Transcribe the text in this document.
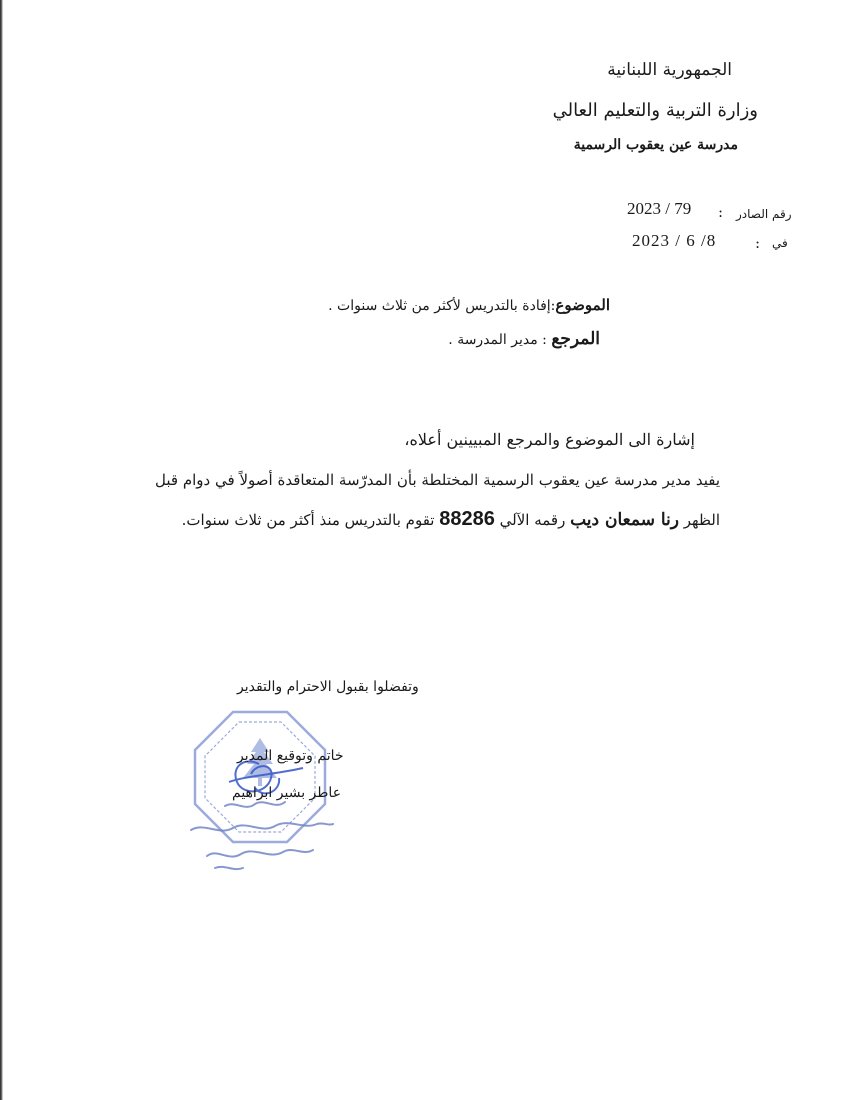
الجمهورية اللبنانية
وزارة التربية والتعليم العالي
مدرسة عين يعقوب الرسمية
رقم الصادر
:
2023 / 79
في
:
2023 / 6 /8
الموضوع:إفادة بالتدريس لأكثر من ثلاث سنوات .
المرجع : مدير المدرسة .
إشارة الى الموضوع والمرجع المبيينين أعلاه،
يفيد مدير مدرسة عين يعقوب الرسمية المختلطة بأن المدرّسة المتعاقدة أصولاً في دوام قبل الظهر رنا سمعان ديب رقمه الآلي 88286 تقوم بالتدريس منذ أكثر من ثلاث سنوات.
وتفضلوا بقبول الاحترام والتقدير
خاتم وتوقيع المدير
عاطر بشير ابراهيم
